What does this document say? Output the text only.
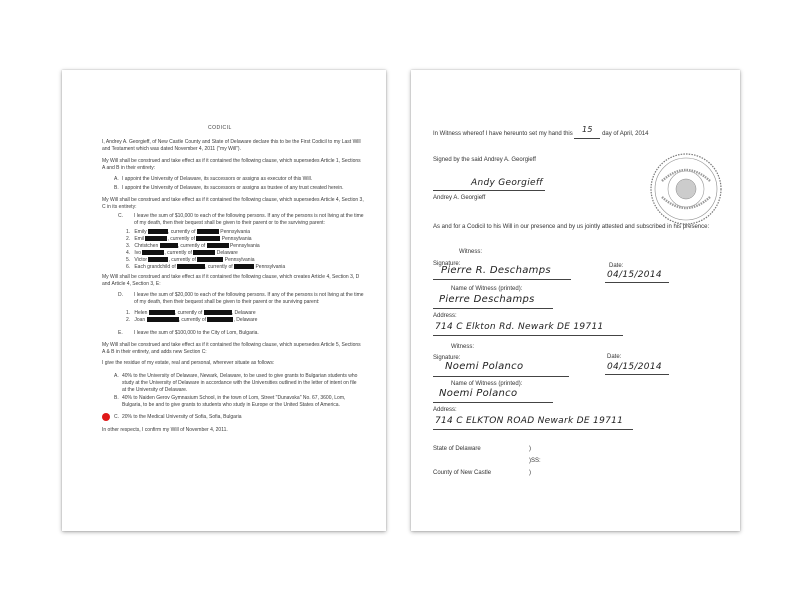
CODICIL
I, Andrey A. Georgieff, of New Castle County and State of Delaware declare this to be the First Codicil to my Last Will and Testament which was dated November 4, 2011 ("my Will").
My Will shall be construed and take effect as if it contained the following clause, which supersedes Article 1, Sections A and B in their entirety:
A. I appoint the University of Delaware, its successors or assigns as executor of this Will.
B. I appoint the University of Delaware, its successors or assigns as trustee of any trust created herein.
My Will shall be construed and take effect as if it contained the following clause, which supersedes Article 4, Section 3, C in its entirety:
C. I leave the sum of $10,000 to each of the following persons. If any of the persons is not living at the time of my death, then their bequest shall be given to their parent or to the surviving parent:
1. Emily	, currently of	Pennsylvania
2. Emil	, currently of	Pennsylvania
3. Christchen	, currently of	Pennsylvania
4. Ivo	, currently of	Delaware
5. Victor	, currently of	Pennsylvania
6. Each grandchild of	, currently of	Pennsylvania
My Will shall be construed and take effect as if it contained the following clause, which creates Article 4, Section 3, D and Article 4, Section 3, E:
D. I leave the sum of $20,000 to each of the following persons. If any of the persons is not living at the time of my death, then their bequest shall be given to their parent or the surviving parent:
1. Helen	, currently of	, Delaware
2. Joan	, currently of	, Delaware
E. I leave the sum of $100,000 to the City of Lom, Bulgaria.
My Will shall be construed and take effect as if it contained the following clause, which supersedes Article 5, Sections A & B in their entirety, and adds new Section C:
I give the residue of my estate, real and personal, wherever situate as follows:
A. 40% to the University of Delaware, Newark, Delaware, to be used to give grants to Bulgarian students who study at the University of Delaware in accordance with the Universities outlined in the letter of intent on file at the University of Delaware.
B. 40% to Naiden Gerov Gymnasium School, in the town of Lom, Street "Dunavska" No. 67, 3600, Lom, Bulgaria, to be and to give grants to students who study in Europe or the United States of America.
C. 20% to the Medical University of Sofia, Sofia, Bulgaria
In other respects, I confirm my Will of November 4, 2011.
In Witness whereof I have hereunto set my hand this 15 day of April, 2014
Signed by the said Andrey A. Georgieff
Andy Georgieff
Andrey A. Georgieff
As and for a Codicil to his Will in our presence and by us jointly attested and subscribed in his presence:
Witness:
Signature:
Pierre R. Deschamps	Date:
04/15/2014
Name of Witness (printed):
Pierre Deschamps
Address:
714 C Elkton Rd. Newark DE 19711
Witness:
Signature:
Noemi Polanco
Date:
04/15/2014
Name of Witness (printed):
Noemi Polanco
Address:
714 C ELKTON ROAD Newark DE 19711
State of Delaware	)
)SS:
County of New Castle	)
